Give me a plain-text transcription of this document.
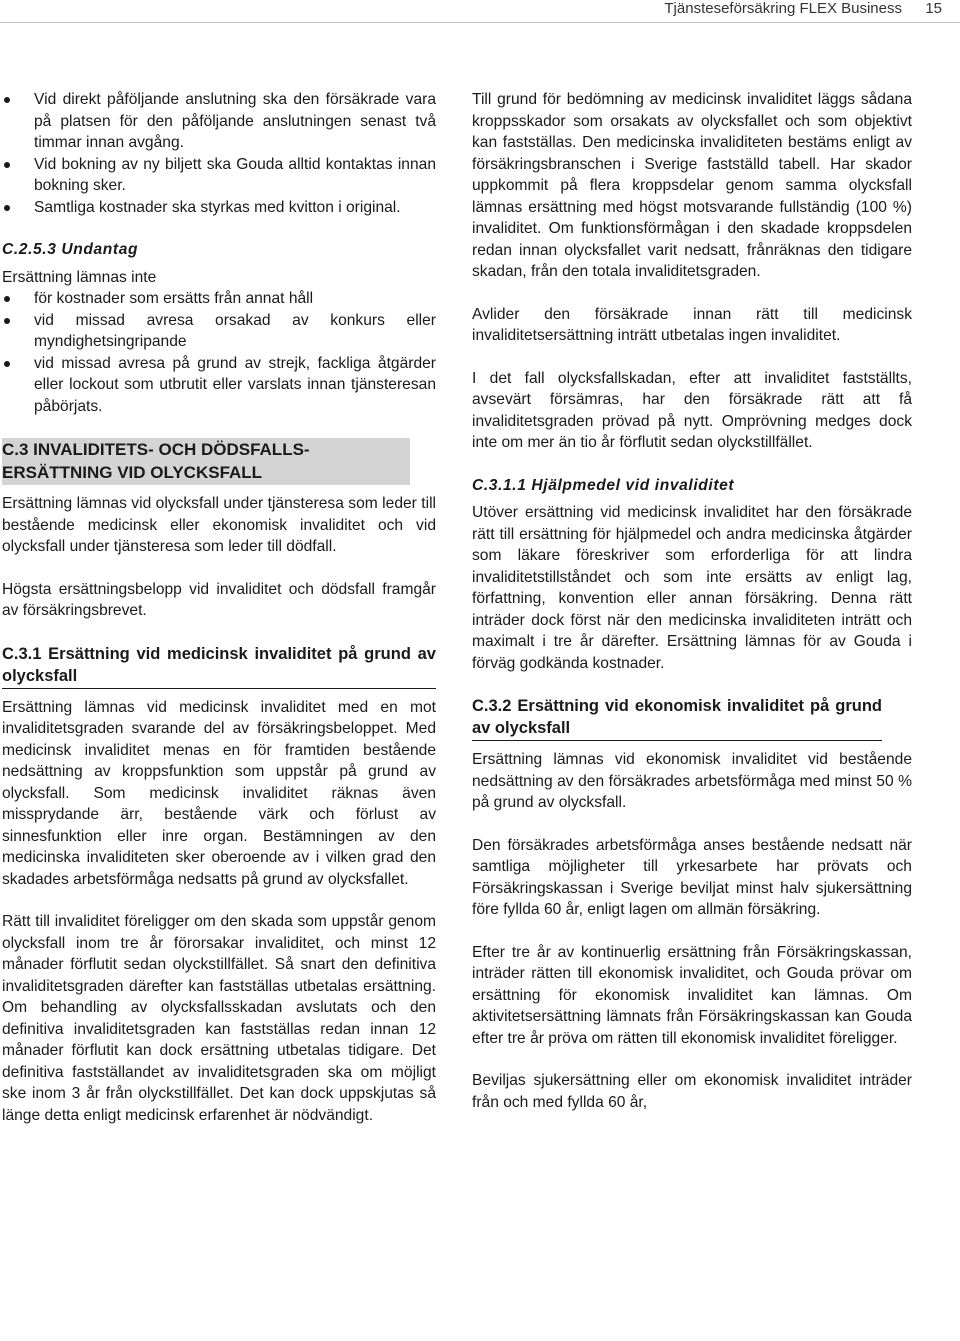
Tjänsteseförsäkring FLEX Business 15
Vid direkt påföljande anslutning ska den försäkrade vara på platsen för den påföljande anslutningen senast två timmar innan avgång.
Vid bokning av ny biljett ska Gouda alltid kontaktas innan bokning sker.
Samtliga kostnader ska styrkas med kvitton i original.

C.2.5.3 Undantag

Ersättning lämnas inte

för kostnader som ersätts från annat håll
vid missad avresa orsakad av konkurs eller myndighetsingripande
vid missad avresa på grund av strejk, fackliga åtgärder eller lockout som utbrutit eller varslats innan tjänsteresan påbörjats.
C.3 INVALIDITETS- OCH DÖDSFALLS-
ERSÄTTNING VID OLYCKSFALL

Ersättning lämnas vid olycksfall under tjänsteresa som leder till bestående medicinsk eller ekonomisk invaliditet och vid olycksfall under tjänsteresa som leder till dödfall.

Högsta ersättningsbelopp vid invaliditet och dödsfall framgår av försäkringsbrevet.

C.3.1 Ersättning vid medicinsk invaliditet på grund av olycksfall

Ersättning lämnas vid medicinsk invaliditet med en mot invaliditetsgraden svarande del av försäkringsbeloppet. Med medicinsk invaliditet menas en för framtiden bestående nedsättning av kroppsfunktion som uppstår på grund av olycksfall. Som medicinsk invaliditet räknas även missprydande ärr, bestående värk och förlust av sinnesfunktion eller inre organ. Bestämningen av den medicinska invaliditeten sker oberoende av i vilken grad den skadades arbetsförmåga nedsatts på grund av olycksfallet.

Rätt till invaliditet föreligger om den skada som uppstår genom olycksfall inom tre år förorsakar invaliditet, och minst 12 månader förflutit sedan olyckstillfället. Så snart den definitiva invaliditetsgraden därefter kan fastställas utbetalas ersättning. Om behandling av olycksfallsskadan avslutats och den definitiva invaliditetsgraden kan fastställas redan innan 12 månader förflutit kan dock ersättning utbetalas tidigare. Det definitiva fastställandet av invaliditetsgraden ska om möjligt ske inom 3 år från olyckstillfället. Det kan dock uppskjutas så länge detta enligt medicinsk erfarenhet är nödvändigt.

Till grund för bedömning av medicinsk invaliditet läggs sådana kroppsskador som orsakats av olycksfallet och som objektivt kan fastställas. Den medicinska invaliditeten bestäms enligt av försäkringsbranschen i Sverige fastställd tabell. Har skador uppkommit på flera kroppsdelar genom samma olycksfall lämnas ersättning med högst motsvarande fullständig (100 %) invaliditet. Om funktionsförmågan i den skadade kroppsdelen redan innan olycksfallet varit nedsatt, frånräknas den tidigare skadan, från den totala invaliditetsgraden.

Avlider den försäkrade innan rätt till medicinsk invaliditetsersättning inträtt utbetalas ingen invaliditet.

I det fall olycksfallskadan, efter att invaliditet fastställts, avsevärt försämras, har den försäkrade rätt att få invaliditetsgraden prövad på nytt. Omprövning medges dock inte om mer än tio år förflutit sedan olyckstillfället.

C.3.1.1 Hjälpmedel vid invaliditet

Utöver ersättning vid medicinsk invaliditet har den försäkrade rätt till ersättning för hjälpmedel och andra medicinska åtgärder som läkare föreskriver som erforderliga för att lindra invaliditetstillståndet och som inte ersätts av enligt lag, författning, konvention eller annan försäkring. Denna rätt inträder dock först när den medicinska invaliditeten inträtt och maximalt i tre år därefter. Ersättning lämnas för av Gouda i förväg godkända kostnader.

C.3.2 Ersättning vid ekonomisk invaliditet på grund av olycksfall

Ersättning lämnas vid ekonomisk invaliditet vid bestående nedsättning av den försäkrades arbetsförmåga med minst 50 % på grund av olycksfall.

Den försäkrades arbetsförmåga anses bestående nedsatt när samtliga möjligheter till yrkesarbete har prövats och Försäkringskassan i Sverige beviljat minst halv sjukersättning före fyllda 60 år, enligt lagen om allmän försäkring.

Efter tre år av kontinuerlig ersättning från Försäkringskassan, inträder rätten till ekonomisk invaliditet, och Gouda prövar om ersättning för ekonomisk invaliditet kan lämnas. Om aktivitetsersättning lämnats från Försäkringskassan kan Gouda efter tre år pröva om rätten till ekonomisk invaliditet föreligger.

Beviljas sjukersättning eller om ekonomisk invaliditet inträder från och med fyllda 60 år,
